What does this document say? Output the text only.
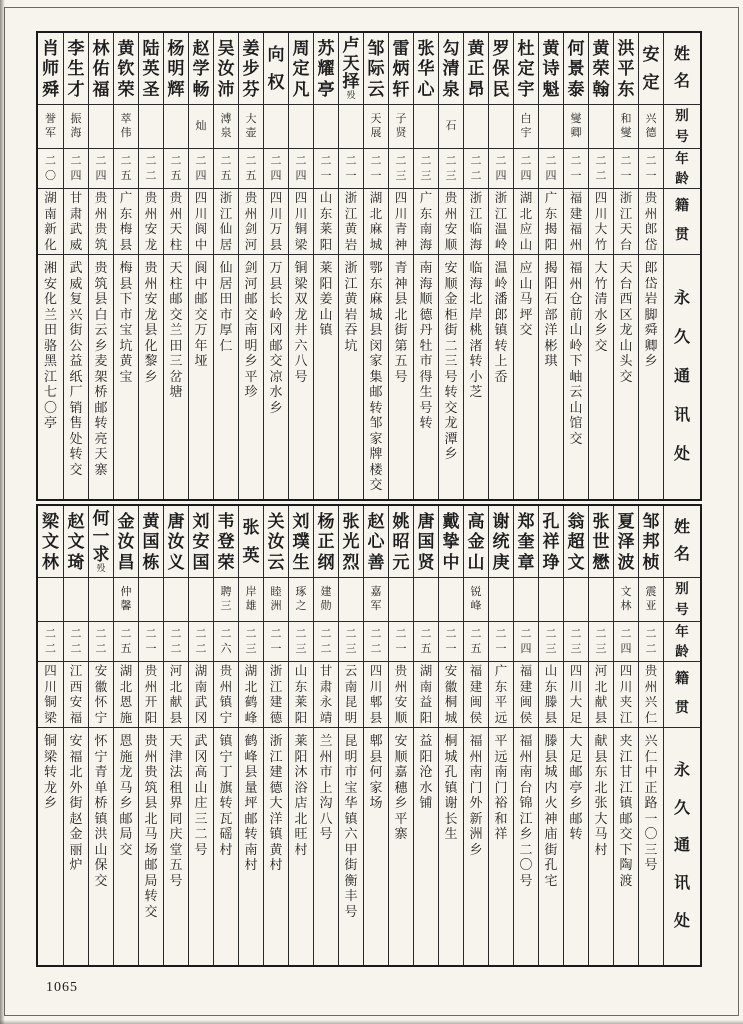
姓
名
别
号
年
龄
籍
贯
永
久
通
讯
处
安
定
兴
德
二
一
贵
州
郎
岱
郎
岱
岩
脚
舜
卿
乡
洪
平
东
和
燮
二
一
浙
江
天
台
天
台
西
区
龙
山
头
交
黄
荣
翰
二
二
四
川
大
竹
大
竹
清
水
乡
交
何
景
泰
燮
卿
二
一
福
建
福
州
福
州
仓
前
山
岭
下
岫
云
山
馆
交
黄
诗
魁
二
四
广
东
揭
阳
揭
阳
石
部
洋
彬
琪
杜
定
宇
白
宇
二
四
湖
北
应
山
应
山
马
坪
交
罗
保
民
二
四
浙
江
温
岭
温
岭
潘
郎
镇
转
上
岙
黄
正
昂
二
二
浙
江
临
海
临
海
北
岸
桃
渚
转
小
芝
勾
清
泉
石
二
三
贵
州
安
顺
安
顺
金
柜
街
二
三
号
转
交
龙
潭
乡
张
华
心
二
三
广
东
南
海
南
海
顺
德
丹
牡
市
得
生
号
转
雷
炳
轩
子
贤
二
三
四
川
青
神
青
神
县
北
街
第
五
号
邹
际
云
天
展
二
一
湖
北
麻
城
鄂
东
麻
城
县
闵
家
集
邮
转
邹
家
牌
楼
交
卢
天
择
殁
二
一
浙
江
黄
岩
浙
江
黄
岩
吞
坑
苏
耀
亭
二
一
山
东
莱
阳
莱
阳
姜
山
镇
周
定
凡
二
四
四
川
铜
梁
铜
梁
双
龙
井
六
八
号
向
权
二
四
四
川
万
县
万
县
长
岭
冈
邮
交
凉
水
乡
姜
步
芬
大
壶
二
五
贵
州
剑
河
剑
河
邮
交
南
明
乡
平
珍
吴
汝
沛
溥
泉
二
五
浙
江
仙
居
仙
居
田
市
厚
仁
赵
学
畅
灿
二
四
四
川
阆
中
阆
中
邮
交
万
年
垭
杨
明
辉
二
五
贵
州
天
柱
天
柱
邮
交
兰
田
三
岔
塘
陆
英
圣
二
二
贵
州
安
龙
贵
州
安
龙
县
化
黎
乡
黄
钦
荣
萃
伟
二
五
广
东
梅
县
梅
县
下
市
宝
坑
黄
宝
林
佑
福
二
四
贵
州
贵
筑
贵
筑
县
白
云
乡
麦
架
桥
邮
转
亮
天
寨
李
生
才
振
海
二
四
甘
肃
武
威
武
威
复
兴
街
公
益
纸
厂
销
售
处
转
交
肖
师
舜
誉
军
二
〇
湖
南
新
化
湘
安
化
兰
田
骆
黑
江
七
〇
亭
姓
名
别
号
年
龄
籍
贯
永
久
通
讯
处
邹
邦
桢
震
亚
二
二
贵
州
兴
仁
兴
仁
中
正
路
一
〇
三
号
夏
泽
波
文
林
二
四
四
川
夹
江
夹
江
甘
江
镇
邮
交
下
陶
渡
张
世
懋
二
三
河
北
献
县
献
县
东
北
张
大
马
村
翁
超
文
二
三
四
川
大
足
大
足
邮
亭
乡
邮
转
孔
祥
琤
二
三
山
东
滕
县
滕
县
城
内
火
神
庙
街
孔
宅
郑
奎
章
二
四
福
建
闽
侯
福
州
南
台
锦
江
乡
二
〇
号
谢
统
庚
二
一
广
东
平
远
平
远
南
门
裕
和
祥
高
金
山
锐
峰
二
五
福
建
闽
侯
福
州
南
门
外
新
洲
乡
戴
挚
中
二
一
安
徽
桐
城
桐
城
孔
镇
谢
长
生
唐
国
贤
二
五
湖
南
益
阳
益
阳
沧
水
铺
姚
昭
元
二
一
贵
州
安
顺
安
顺
嘉
穗
乡
平
寨
赵
心
善
嘉
军
二
二
四
川
郫
县
郫
县
何
家
场
张
光
烈
二
三
云
南
昆
明
昆
明
市
宝
华
镇
六
甲
街
衡
丰
号
杨
正
纲
建
勋
二
二
甘
肃
永
靖
兰
州
市
上
沟
八
号
刘
璞
生
琢
之
二
三
山
东
莱
阳
莱
阳
沐
浴
店
北
旺
村
关
汝
云
睦
洲
二
一
浙
江
建
德
浙
江
建
德
大
洋
镇
黄
村
张
英
岸
雄
二
三
湖
北
鹤
峰
鹤
峰
县
量
坪
邮
转
南
村
韦
登
荣
聘
三
二
六
贵
州
镇
宁
镇
宁
丁
旗
转
瓦
磘
村
刘
安
国
二
二
湖
南
武
冈
武
冈
高
山
庄
三
二
号
唐
汝
义
二
二
河
北
献
县
天
津
法
租
界
同
庆
堂
五
号
黄
国
栋
二
一
贵
州
开
阳
贵
州
贵
筑
县
北
马
场
邮
局
转
交
金
汝
昌
仲
馨
二
五
湖
北
恩
施
恩
施
龙
马
乡
邮
局
交
何
一
求
殁
二
二
安
徽
怀
宁
怀
宁
青
单
桥
镇
洪
山
保
交
赵
文
琦
二
二
江
西
安
福
安
福
北
外
街
赵
金
丽
炉
梁
文
林
二
二
四
川
铜
梁
铜
梁
转
龙
乡
1065
